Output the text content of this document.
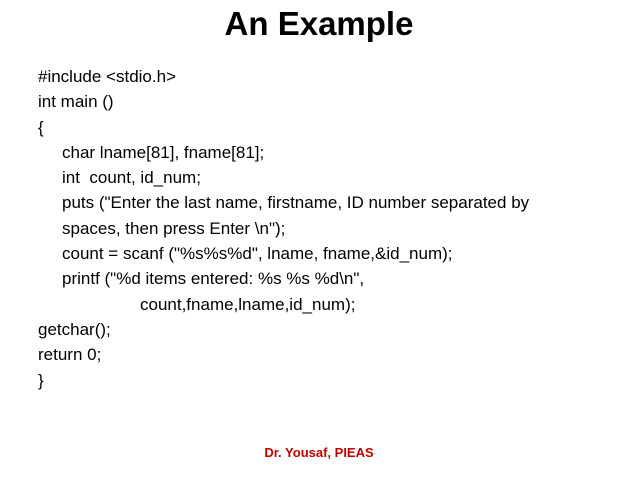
An Example
#include <stdio.h>
int main ()
{
char lname[81], fname[81];
int  count, id_num;
puts ("Enter the last name, firstname, ID number separated by
spaces, then press Enter \n");
count = scanf ("%s%s%d", lname, fname,&id_num);
printf ("%d items entered: %s %s %d\n",
count,fname,lname,id_num);
getchar();
return 0;
}
Dr. Yousaf, PIEAS
